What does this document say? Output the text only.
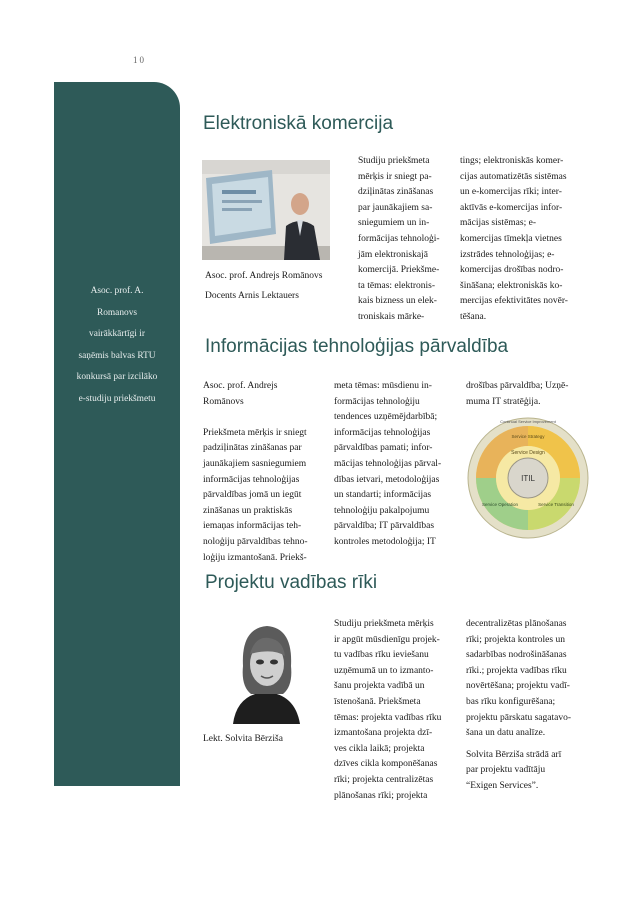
10
Asoc. prof. A.
Romanovs
vairākkārtīgi ir
saņēmis balvas RTU
konkursā par izcilāko
e-studiju priekšmetu
Elektroniskā komercija
Asoc. prof. Andrejs Romānovs
Docents Arnis Lektauers
Studiju priekšmeta
mērķis ir sniegt pa-
dziļinātas zināšanas
par jaunākajiem sa-
sniegumiem un in-
formācijas tehnoloģi-
jām elektroniskajā
komercijā. Priekšme-
ta tēmas: elektronis-
kais bizness un elek-
troniskais mārke-
tings; elektroniskās komer-
cijas automatizētās sistēmas
un e-komercijas rīki; inter-
aktīvās e-komercijas infor-
mācijas sistēmas; e-
komercijas tīmekļa vietnes
izstrādes tehnoloģijas; e-
komercijas drošības nodro-
šināšana; elektroniskās ko-
mercijas efektivitātes novēr-
tēšana.
Informācijas tehnoloģijas pārvaldība
Asoc. prof. Andrejs
Romānovs

Priekšmeta mērķis ir sniegt
padziļinātas zināšanas par
jaunākajiem sasniegumiem
informācijas tehnoloģijas
pārvaldības jomā un iegūt
zināšanas un praktiskās
iemaņas informācijas teh-
noloģiju pārvaldības tehno-
loģiju izmantošanā. Priekš-
meta tēmas: mūsdienu in-
formācijas tehnoloģiju
tendences uzņēmējdarbībā;
informācijas tehnoloģijas
pārvaldības pamati; infor-
mācijas tehnoloģijas pārval-
dības ietvari, metodoloģijas
un standarti; informācijas
tehnoloģiju pakalpojumu
pārvaldība; IT pārvaldības
kontroles metodoloģija; IT
drošības pārvaldība; Uzņē-
muma IT stratēģija.
ITIL
Service Design
Service Strategy
Service Transition
Service Operation
Continual Service Improvement
Projektu vadības rīki
Lekt. Solvita Bērziša
Studiju priekšmeta mērķis
ir apgūt mūsdienīgu projek-
tu vadības rīku ieviešanu
uzņēmumā un to izmanto-
šanu projekta vadībā un
īstenošanā. Priekšmeta
tēmas: projekta vadības rīku
izmantošana projekta dzī-
ves cikla laikā; projekta
dzīves cikla komponēšanas
rīki; projekta centralizētas
plānošanas rīki; projekta
decentralizētas plānošanas
rīki; projekta kontroles un
sadarbības nodrošināšanas
rīki.; projekta vadības rīku
novērtēšana; projektu vadī-
bas rīku konfigurēšana;
projektu pārskatu sagatavo-
šana un datu analīze.
Solvita Bērziša strādā arī
par projektu vadītāju
“Exigen Services”.
